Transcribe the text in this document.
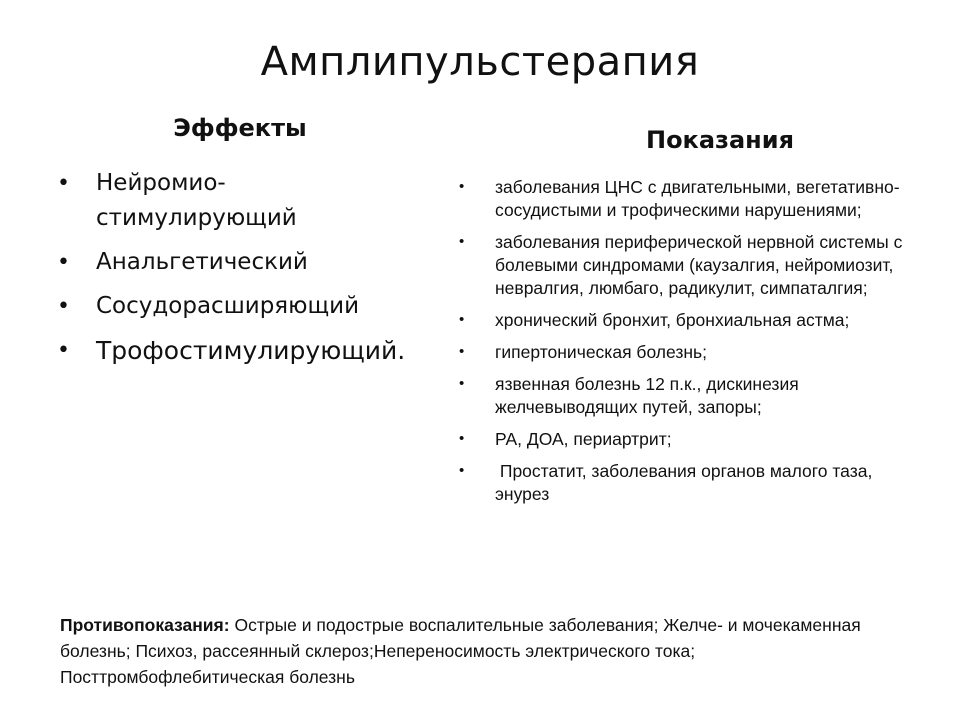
Амплипульстерапия
Эффекты
• Нейромио-
стимулирующий
• Анальгетический
• Сосудорасширяющий
• Трофостимулирующий.
Показания
• заболевания ЦНС с двигательными, вегетативно-сосудистыми и трофическими нарушениями;
• заболевания периферической нервной системы с болевыми синдромами (каузалгия, нейромиозит, невралгия, люмбаго, радикулит, симпаталгия;
• хронический бронхит, бронхиальная астма;
• гипертоническая болезнь;
• язвенная болезнь 12 п.к., дискинезия желчевыводящих путей, запоры;
• РА, ДОА, периартрит;
• Простатит, заболевания органов малого таза, энурез
Противопоказания: Острые и подострые воспалительные заболевания; Желче- и мочекаменная болезнь; Психоз, рассеянный склероз;Непереносимость электрического тока; Посттромбофлебитическая болезнь
